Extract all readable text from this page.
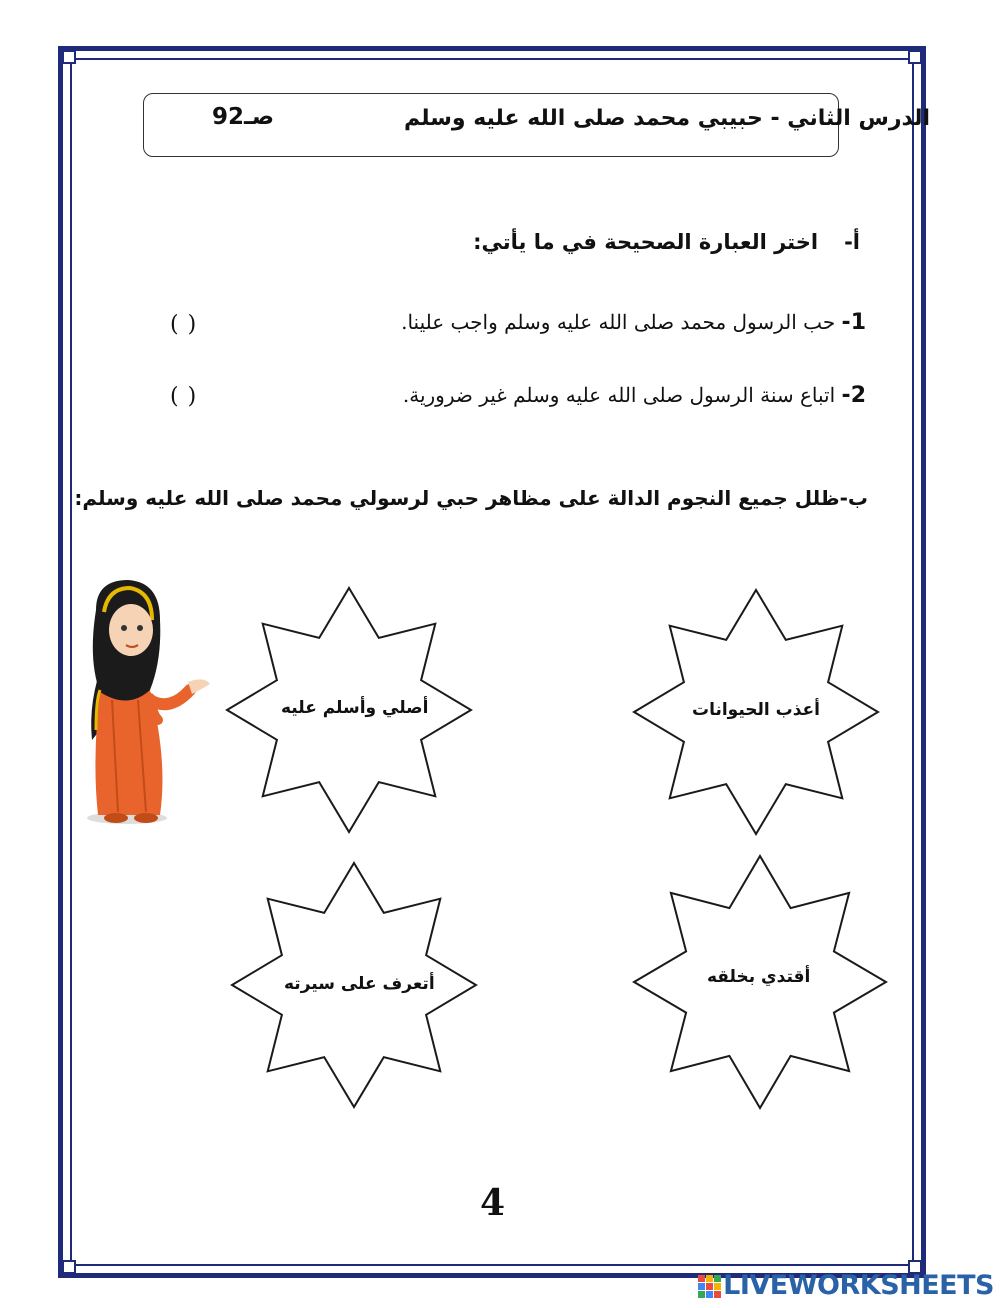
الدرس الثاني - حبيبي محمد صلى الله عليه وسلم
صـ92
أ-اختر العبارة الصحيحة في ما يأتي:
1- حب الرسول محمد صلى الله عليه وسلم واجب علينا.
( )
2- اتباع سنة الرسول صلى الله عليه وسلم غير ضرورية.
( )
ب-ظلل جميع النجوم الدالة على مظاهر حبي لرسولي محمد صلى الله عليه وسلم:
أصلي وأسلم عليه	أعذب الحيوانات
أتعرف على سيرته	أقتدي بخلقه
4
LIVEWORKSHEETS
